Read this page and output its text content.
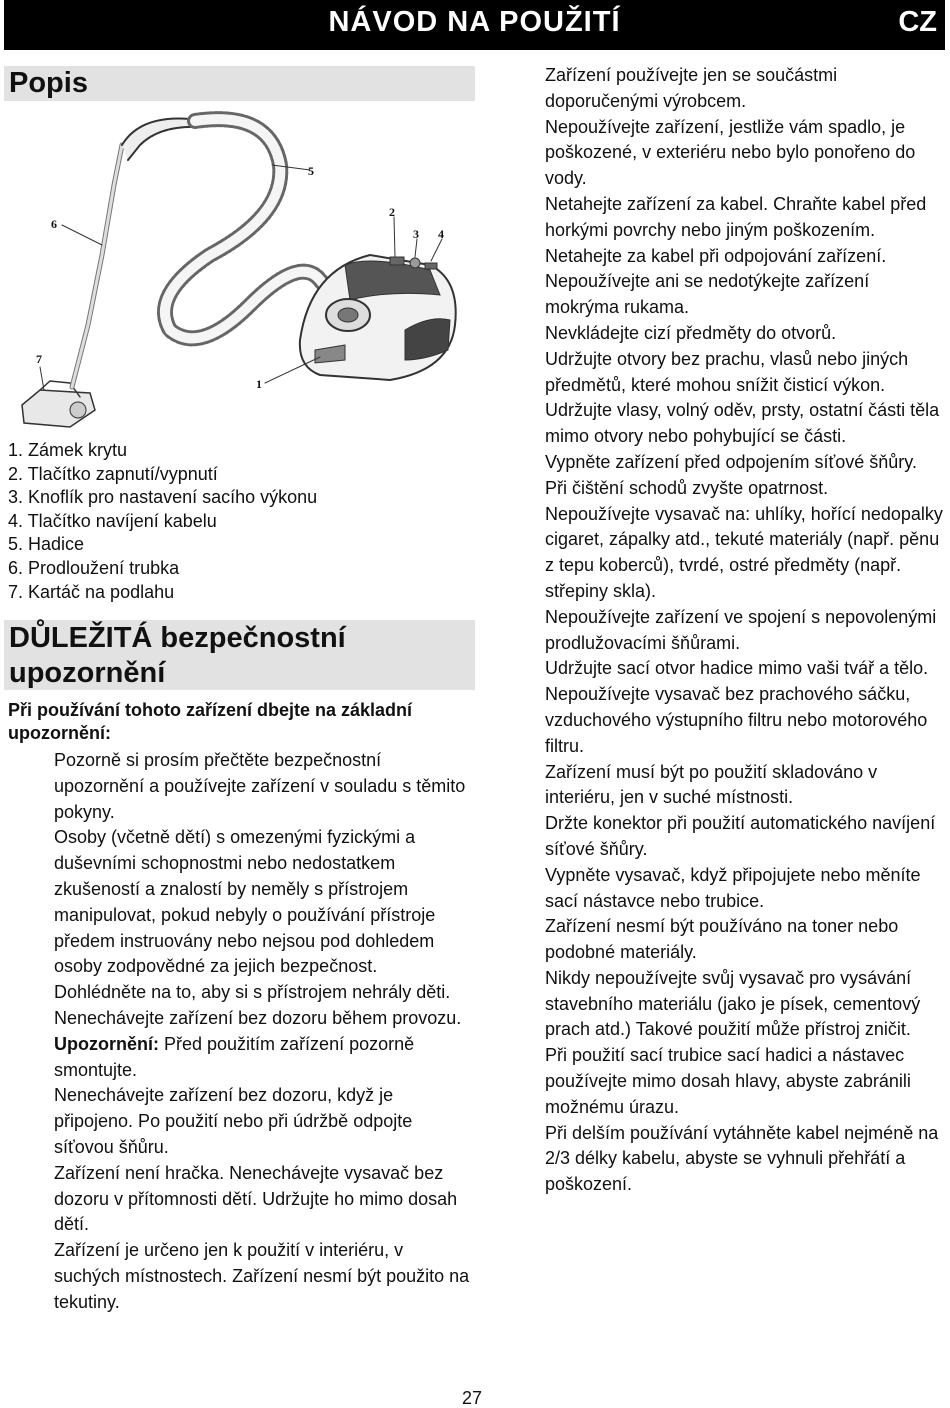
NÁVOD NA POUŽITÍ	CZ
Popis
1
2
3 4
5
6
7
1. Zámek krytu
2. Tlačítko zapnutí/vypnutí
3. Knoflík pro nastavení sacího výkonu
4. Tlačítko navíjení kabelu
5. Hadice
6. Prodloužení trubka
7. Kartáč na podlahu
DŮLEŽITÁ bezpečnostní
upozornění
Při používání tohoto zařízení dbejte na základní upozornění:

Pozorně si prosím přečtěte bezpečnostní upozornění a používejte zařízení v souladu s těmito pokyny.

Osoby (včetně dětí) s omezenými fyzickými a duševními schopnostmi nebo nedostatkem zkušeností a znalostí by neměly s přístrojem manipulovat, pokud nebyly o používání přístroje předem instruovány nebo nejsou pod dohledem osoby zodpovědné za jejich bezpečnost. Dohlédněte na to, aby si s přístrojem nehrály děti.

Nenechávejte zařízení bez dozoru během provozu.

Upozornění: Před použitím zařízení pozorně smontujte.

Nenechávejte zařízení bez dozoru, když je připojeno. Po použití nebo při údržbě odpojte síťovou šňůru.

Zařízení není hračka. Nenechávejte vysavač bez dozoru v přítomnosti dětí. Udržujte ho mimo dosah dětí.

Zařízení je určeno jen k použití v interiéru, v suchých místnostech. Zařízení nesmí být použito na tekutiny.

Zařízení používejte jen se součástmi doporučenými výrobcem.

Nepoužívejte zařízení, jestliže vám spadlo, je poškozené, v exteriéru nebo bylo ponořeno do vody.

Netahejte zařízení za kabel. Chraňte kabel před horkými povrchy nebo jiným poškozením.

Netahejte za kabel při odpojování zařízení.

Nepoužívejte ani se nedotýkejte zařízení mokrýma rukama.

Nevkládejte cizí předměty do otvorů.

Udržujte otvory bez prachu, vlasů nebo jiných předmětů, které mohou snížit čisticí výkon.

Udržujte vlasy, volný oděv, prsty, ostatní části těla mimo otvory nebo pohybující se části.

Vypněte zařízení před odpojením síťové šňůry.

Při čištění schodů zvyšte opatrnost.

Nepoužívejte vysavač na: uhlíky, hořící nedopalky cigaret, zápalky atd., tekuté materiály (např. pěnu z tepu koberců), tvrdé, ostré předměty (např. střepiny skla).

Nepoužívejte zařízení ve spojení s nepovolenými prodlužovacími šňůrami.

Udržujte sací otvor hadice mimo vaši tvář a tělo.

Nepoužívejte vysavač bez prachového sáčku, vzduchového výstupního filtru nebo motorového filtru.

Zařízení musí být po použití skladováno v interiéru, jen v suché místnosti.

Držte konektor při použití automatického navíjení síťové šňůry.

Vypněte vysavač, když připojujete nebo měníte sací nástavce nebo trubice.

Zařízení nesmí být používáno na toner nebo podobné materiály.

Nikdy nepoužívejte svůj vysavač pro vysávání stavebního materiálu (jako je písek, cementový prach atd.) Takové použití může přístroj zničit.

Při použití sací trubice sací hadici a nástavec používejte mimo dosah hlavy, abyste zabránili možnému úrazu.

Při delším používání vytáhněte kabel nejméně na 2/3 délky kabelu, abyste se vyhnuli přehřátí a poškození.

27
